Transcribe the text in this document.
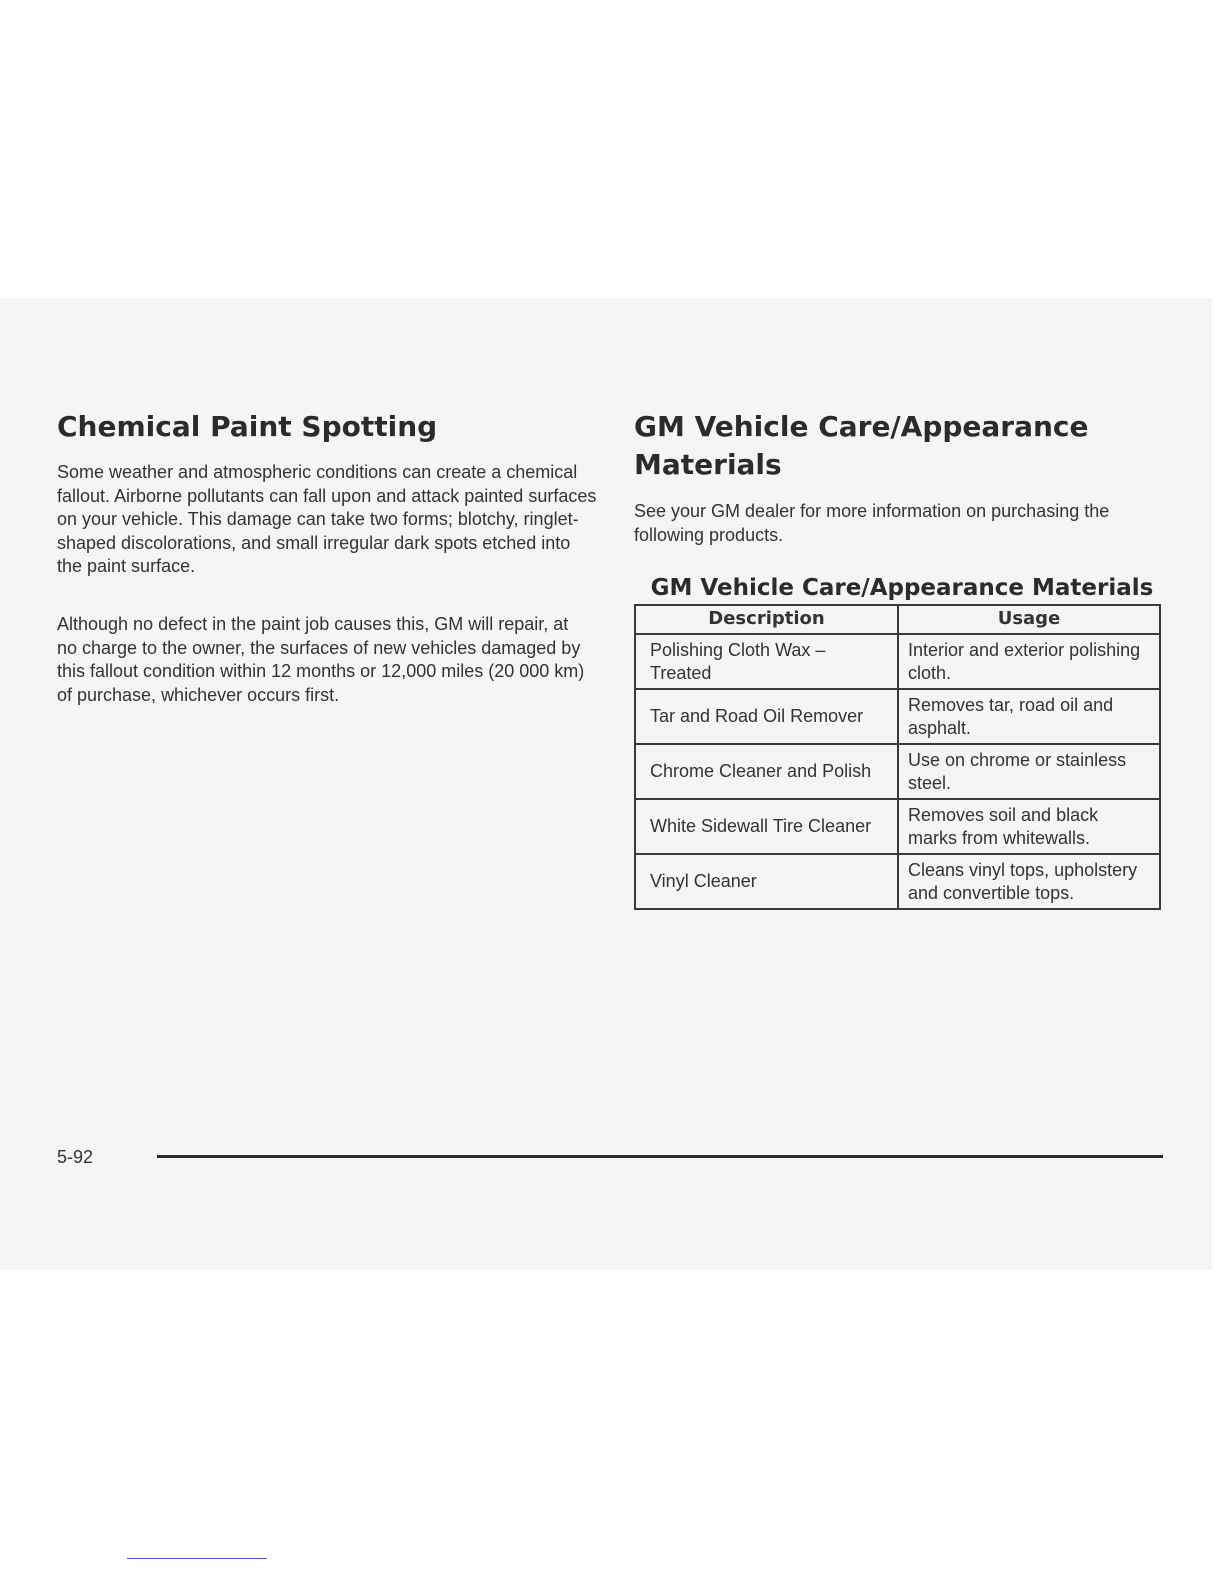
Chemical Paint Spotting

Some weather and atmospheric conditions can create a chemical fallout. Airborne pollutants can fall upon and attack painted surfaces on your vehicle. This damage can take two forms; blotchy, ringlet-shaped discolorations, and small irregular dark spots etched into the paint surface.

Although no defect in the paint job causes this, GM will repair, at no charge to the owner, the surfaces of new vehicles damaged by this fallout condition within 12 months or 12,000 miles (20 000 km) of purchase, whichever occurs first.

GM Vehicle Care/Appearance Materials

See your GM dealer for more information on purchasing the following products.

GM Vehicle Care/Appearance Materials
Description	Usage
Polishing Cloth Wax –Treated	Interior and exterior polishing cloth.
Tar and Road Oil Remover	Removes tar, road oil and asphalt.
Chrome Cleaner and Polish	Use on chrome or stainless steel.
White Sidewall Tire Cleaner	Removes soil and black marks from whitewalls.
Vinyl Cleaner	Cleans vinyl tops, upholstery and convertible tops.
5-92
